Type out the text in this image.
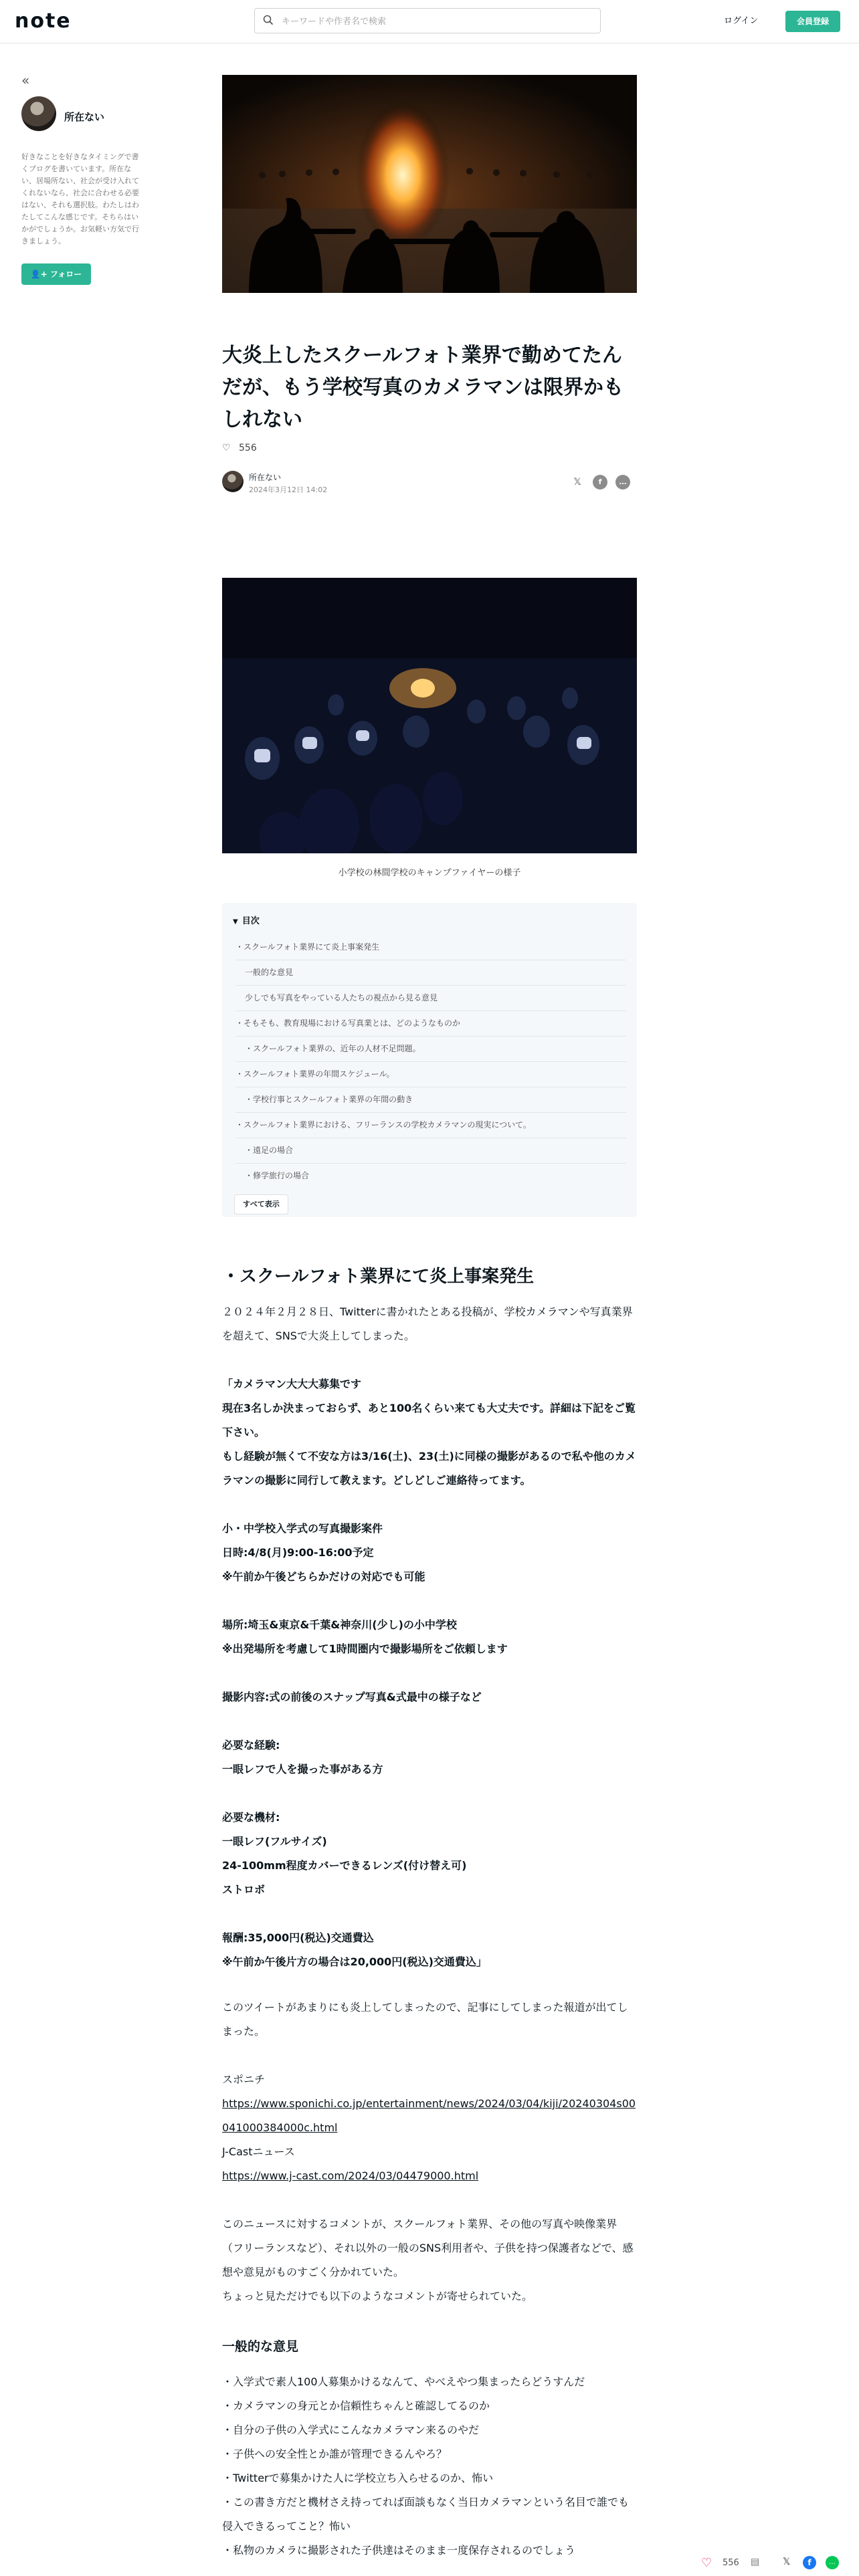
note
キーワードや作者名で検索	ログイン	会員登録
«
所在ない
好きなことを好きなタイミングで書くブログを書いています。所在ない、居場所ない、社会が受け入れてくれないなら、社会に合わせる必要はない、それも選択肢。わたしはわたしてこんな感じです。そちらはいかがでしょうか。お気軽い方気で行きましょう。
👤+ フォロー
大炎上したスクールフォト業界で勤めてたんだが、もう学校写真のカメラマンは限界かもしれない
♡ 556
所在ない
2024年3月12日 14:02
𝕏	f	…
小学校の林間学校のキャンプファイヤーの様子
▼ 目次
・スクールフォト業界にて炎上事案発生
一般的な意見
少しでも写真をやっている人たちの視点から見る意見
・そもそも、教育現場における写真業とは、どのようなものか
・スクールフォト業界の、近年の人材不足問題。
・スクールフォト業界の年間スケジュール。
・学校行事とスクールフォト業界の年間の動き
・スクールフォト業界における、フリーランスの学校カメラマンの現実について。
・遠足の場合
・修学旅行の場合
すべて表示
・スクールフォト業界にて炎上事案発生
２０２４年２月２８日、Twitterに書かれたとある投稿が、学校カメラマンや写真業界を超えて、SNSで大炎上してしまった。
「カメラマン大大大募集です
現在3名しか決まっておらず、あと100名くらい来ても大丈夫です。詳細は下記をご覧下さい。
もし経験が無くて不安な方は3/16(土)、23(土)に同様の撮影があるので私や他のカメラマンの撮影に同行して教えます。どしどしご連絡待ってます。
小・中学校入学式の写真撮影案件
日時:4/8(月)9:00-16:00予定
※午前か午後どちらかだけの対応でも可能
場所:埼玉&東京&千葉&神奈川(少し)の小中学校
※出発場所を考慮して1時間圏内で撮影場所をご依頼します
撮影内容:式の前後のスナップ写真&式最中の様子など
必要な経験:
一眼レフで人を撮った事がある方
必要な機材:
一眼レフ(フルサイズ)
24-100mm程度カバーできるレンズ(付け替え可)
ストロボ
報酬:35,000円(税込)交通費込
※午前か午後片方の場合は20,000円(税込)交通費込」
このツイートがあまりにも炎上してしまったので、記事にしてしまった報道が出てしまった。
スポニチ
https://www.sponichi.co.jp/entertainment/news/2024/03/04/kiji/20240304s00041000384000c.html
J-Castニュース
https://www.j-cast.com/2024/03/04479000.html
このニュースに対するコメントが、スクールフォト業界、その他の写真や映像業界（フリーランスなど）、それ以外の一般のSNS利用者や、子供を持つ保護者などで、感想や意見がものすごく分かれていた。
ちょっと見ただけでも以下のようなコメントが寄せられていた。
一般的な意見
・入学式で素人100人募集かけるなんて、やべえやつ集まったらどうすんだ
・カメラマンの身元とか信頼性ちゃんと確認してるのか
・自分の子供の入学式にこんなカメラマン来るのやだ
・子供への安全性とか誰が管理できるんやろ？
・Twitterで募集かけた人に学校立ち入らせるのか、怖い
・この書き方だと機材さえ持ってれば面談もなく当日カメラマンという名目で誰でも侵入できるってこと？怖い
・私物のカメラに撮影された子供達はそのまま一度保存されるのでしょう
♡ 556 ▤ 𝕏	f	…
